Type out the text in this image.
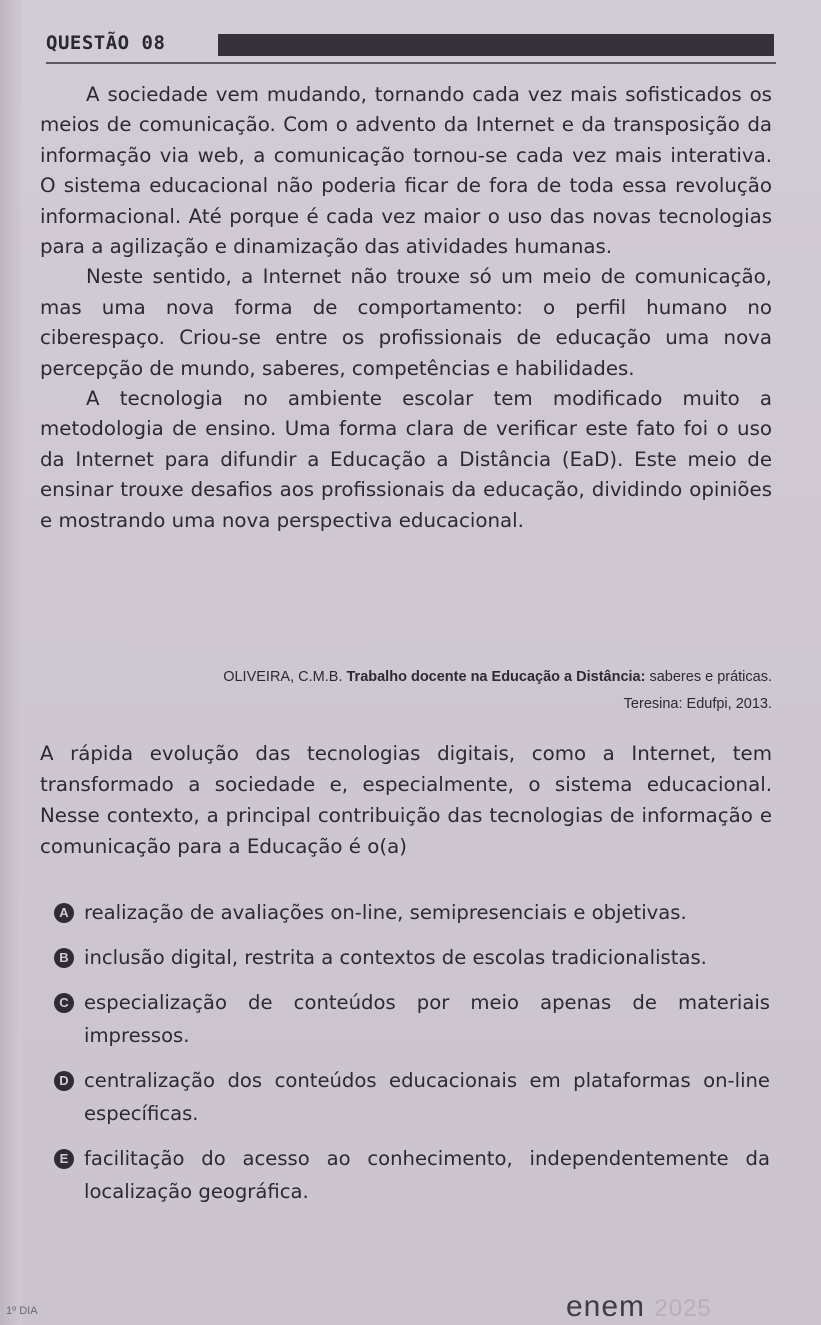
QUESTÃO 08

A sociedade vem mudando, tornando cada vez mais sofisticados os meios de comunicação. Com o advento da Internet e da transposição da informação via web, a comunicação tornou-se cada vez mais interativa. O sistema educacional não poderia ficar de fora de toda essa revolução informacional. Até porque é cada vez maior o uso das novas tecnologias para a agilização e dinamização das atividades humanas.

Neste sentido, a Internet não trouxe só um meio de comunicação, mas uma nova forma de comportamento: o perfil humano no ciberespaço. Criou-se entre os profissionais de educação uma nova percepção de mundo, saberes, competências e habilidades.

A tecnologia no ambiente escolar tem modificado muito a metodologia de ensino. Uma forma clara de verificar este fato foi o uso da Internet para difundir a Educação a Distância (EaD). Este meio de ensinar trouxe desafios aos profissionais da educação, dividindo opiniões e mostrando uma nova perspectiva educacional.

OLIVEIRA, C.M.B. Trabalho docente na Educação a Distância: saberes e práticas.
Teresina: Edufpi, 2013.
A rápida evolução das tecnologias digitais, como a Internet, tem transformado a sociedade e, especialmente, o sistema educacional. Nesse contexto, a principal contribuição das tecnologias de informação e comunicação para a Educação é o(a)
A realização de avaliações on-line, semipresenciais e objetivas.
B inclusão digital, restrita a contextos de escolas tradicionalistas.
C especialização de conteúdos por meio apenas de materiais impressos.
D centralização dos conteúdos educacionais em plataformas on-line específicas.
E facilitação do acesso ao conhecimento, independentemente da localização geográfica.
1º DIA	enem 2025
